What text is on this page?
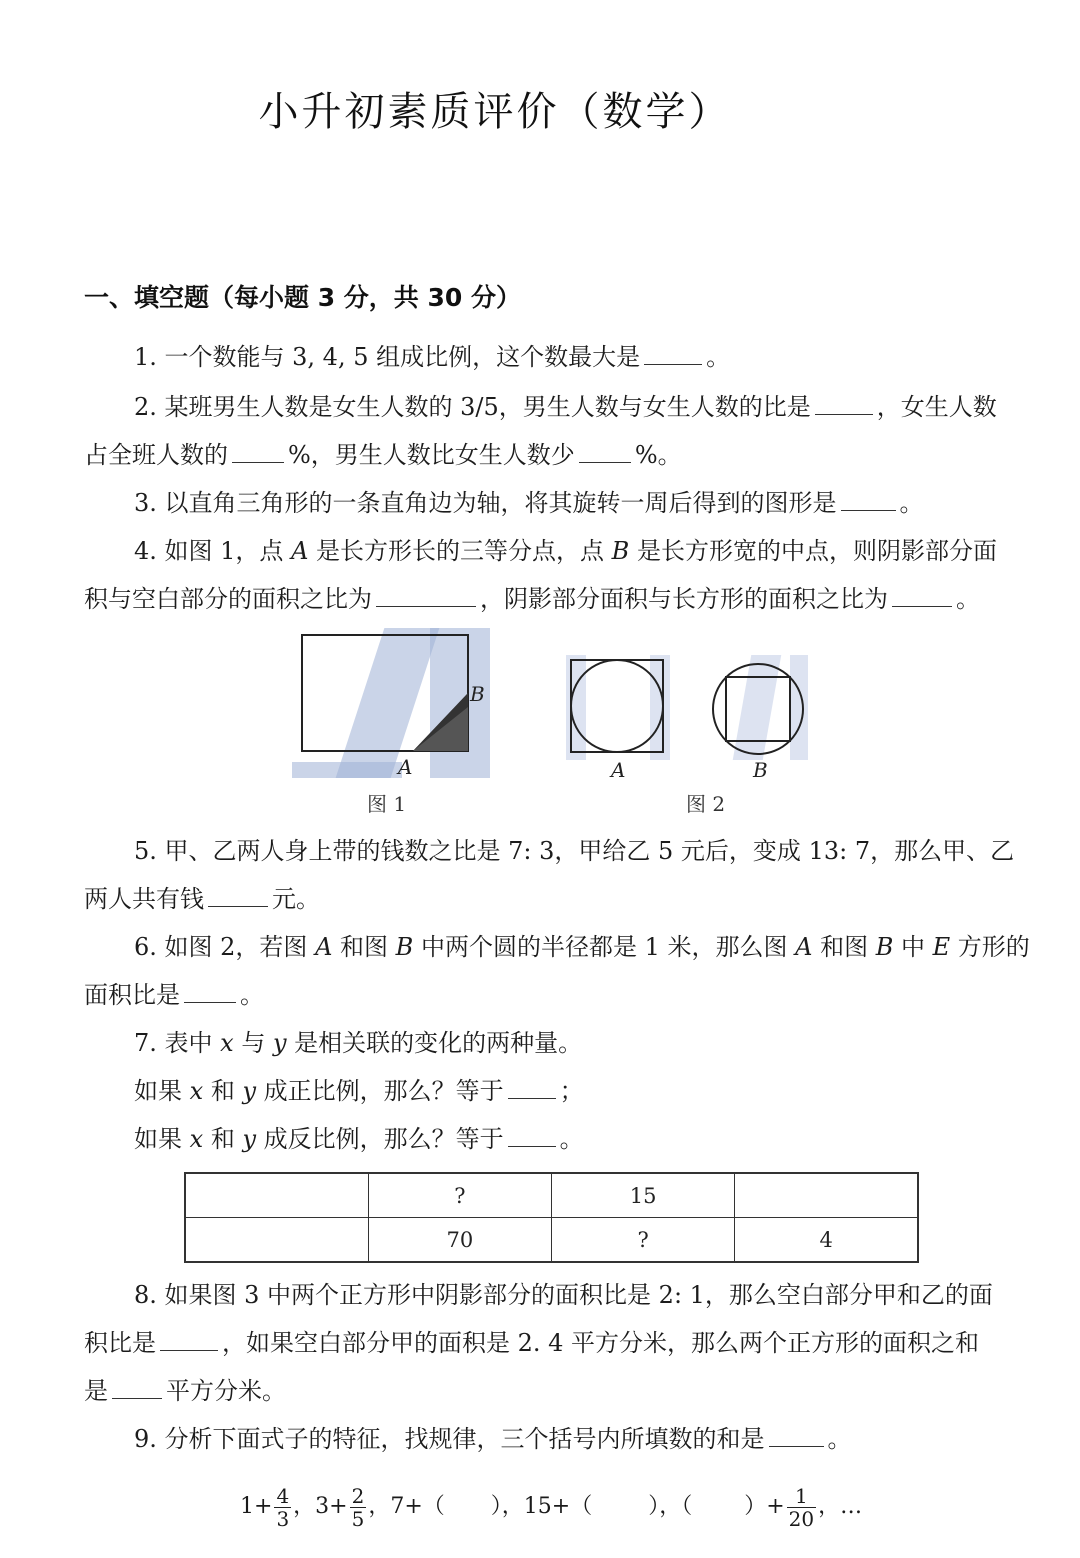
小升初素质评价（数学）
一、填空题（每小题 3 分，共 30 分）
1. 一个数能与 3, 4, 5 组成比例，这个数最大是	。
2. 某班男生人数是女生人数的 3/5，男生人数与女生人数的比是	，女生人数
占全班人数的	%，男生人数比女生人数少	%。
3. 以直角三角形的一条直角边为轴，将其旋转一周后得到的图形是	。
4. 如图 1，点 A 是长方形长的三等分点，点 B 是长方形宽的中点，则阴影部分面
积与空白部分的面积之比为	，阴影部分面积与长方形的面积之比为	。
B
A
图 1
A	B
图 2
5. 甲、乙两人身上带的钱数之比是 7: 3，甲给乙 5 元后，变成 13: 7，那么甲、乙
两人共有钱	元。
6. 如图 2，若图 A 和图 B 中两个圆的半径都是 1 米，那么图 A 和图 B 中 E 方形的
面积比是	。
7. 表中 x 与 y 是相关联的变化的两种量。
如果 x 和 y 成正比例，那么？等于 ；
如果 x 和 y 成反比例，那么？等于 。
	?	15	
	70	?	4
8. 如果图 3 中两个正方形中阴影部分的面积比是 2: 1，那么空白部分甲和乙的面
积比是	，如果空白部分甲的面积是 2. 4 平方分米，那么两个正方形的面积之和
是 平方分米。
9. 分析下面式子的特征，找规律，三个括号内所填数的和是	。
$1+ \frac{4}{3}$ ，$3+ \frac{2}{5}$ ，7+（ ），15+（	），（ ）+ $\frac{1}{20}$ ，…
